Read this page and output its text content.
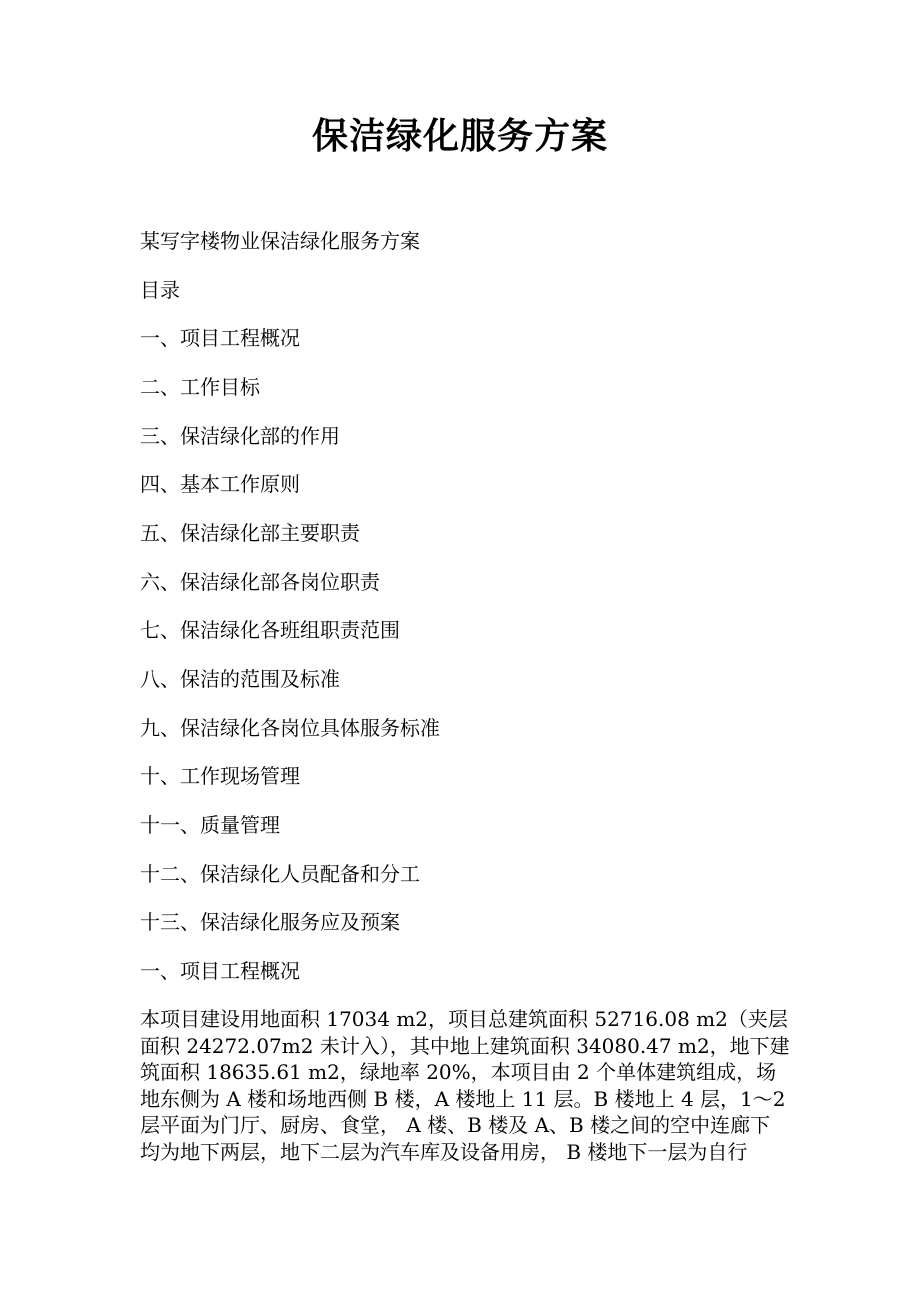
保洁绿化服务方案
某写字楼物业保洁绿化服务方案
目录
一、项目工程概况
二、工作目标
三、保洁绿化部的作用
四、基本工作原则
五、保洁绿化部主要职责
六、保洁绿化部各岗位职责
七、保洁绿化各班组职责范围
八、保洁的范围及标准
九、保洁绿化各岗位具体服务标准
十、工作现场管理
十一、质量管理
十二、保洁绿化人员配备和分工
十三、保洁绿化服务应及预案
一、项目工程概况
本项目建设用地面积 17034 m2，项目总建筑面积 52716.08 m2（夹层
面积 24272.07m2 未计入），其中地上建筑面积 34080.47 m2，地下建
筑面积 18635.61 m2，绿地率 20%，本项目由 2 个单体建筑组成，场
地东侧为 A 楼和场地西侧 B 楼，A 楼地上 11 层。B 楼地上 4 层，1～2
层平面为门厅、厨房、食堂， A 楼、B 楼及 A、B 楼之间的空中连廊下
均为地下两层，地下二层为汽车库及设备用房， B 楼地下一层为自行
